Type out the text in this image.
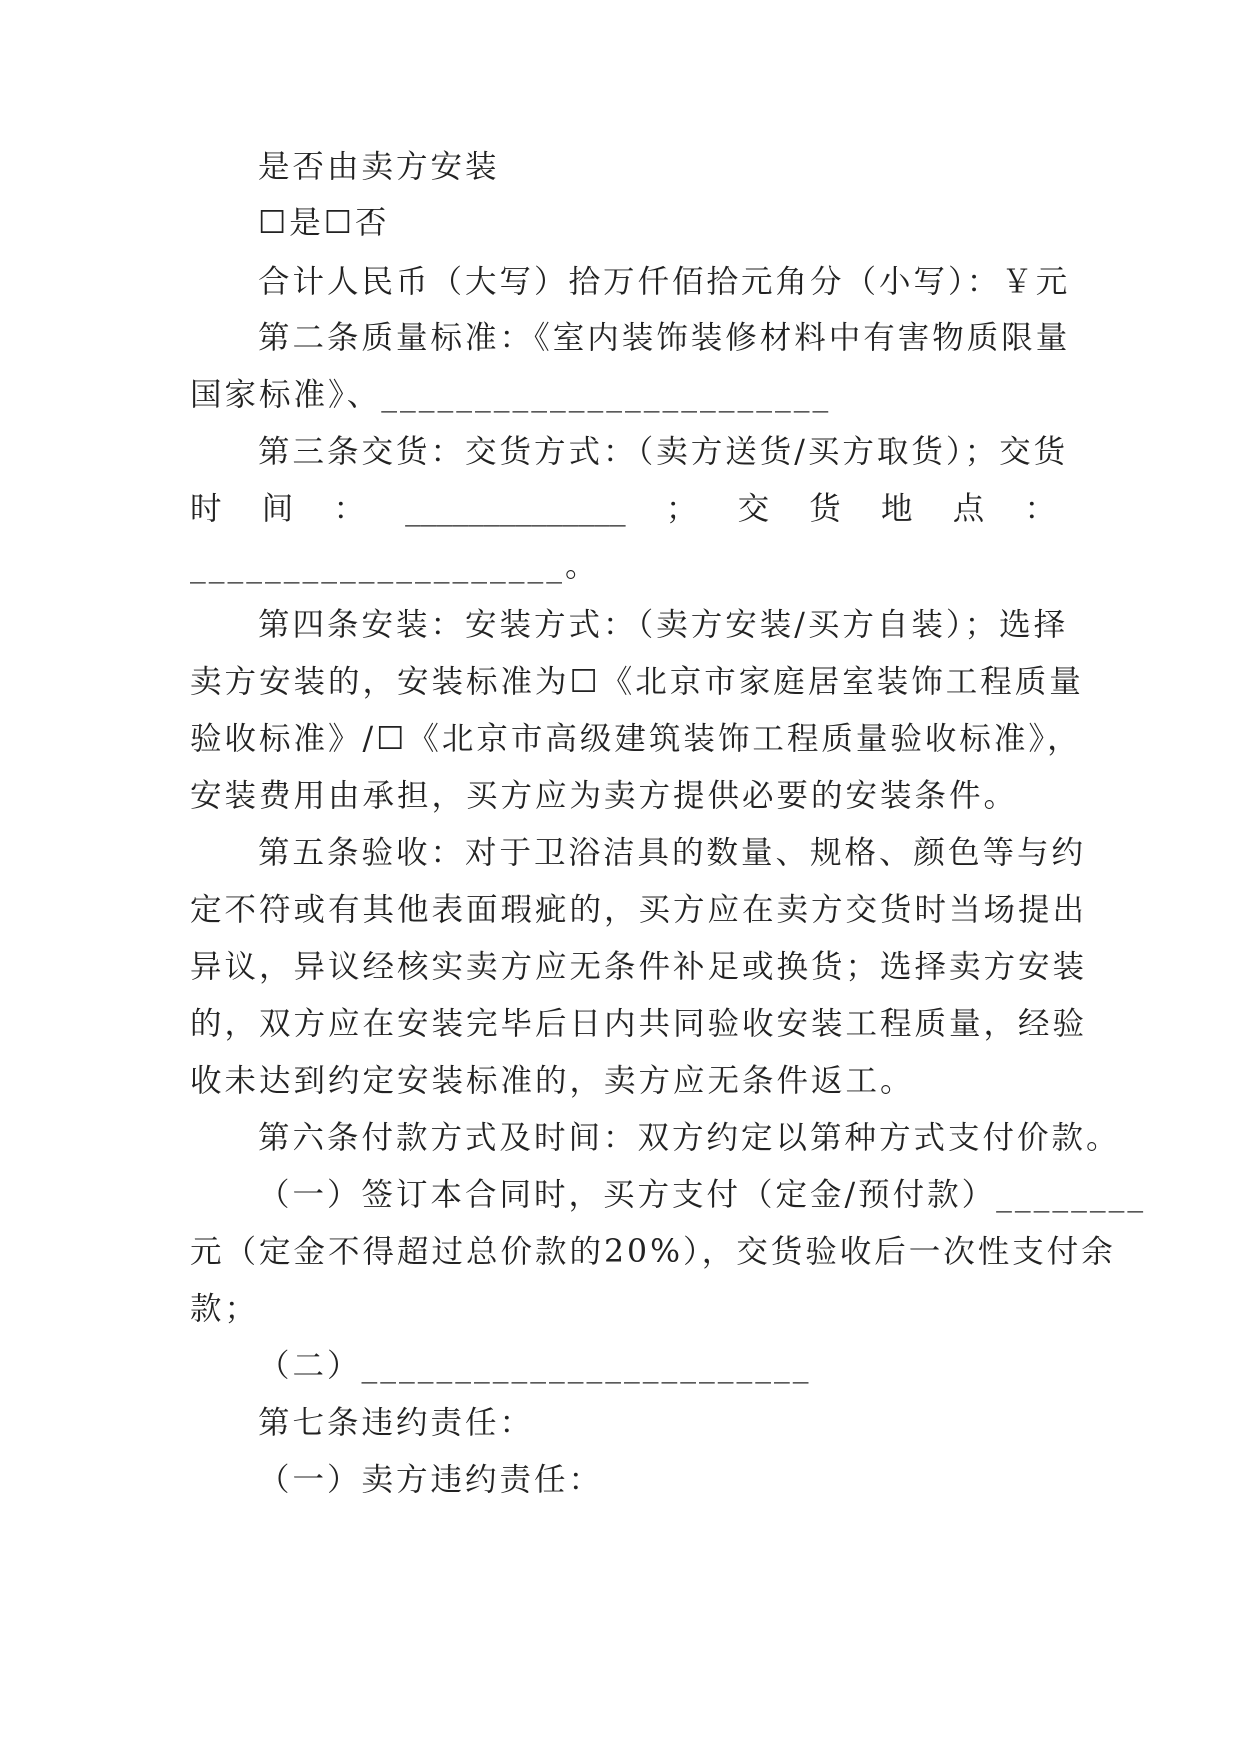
是否由卖方安装
☐是☐否
合计人民币（大写）拾万仟佰拾元角分（小写）：￥元
第二条质量标准：《室内装饰装修材料中有害物质限量
国家标准》、________________________
第三条交货：交货方式：（卖方送货/买方取货）；交货
时 间 ： ______________ ； 交 货 地 点 ：
____________________。
第四条安装：安装方式：（卖方安装/买方自装）；选择
卖方安装的，安装标准为☐《北京市家庭居室装饰工程质量
验收标准》/☐《北京市高级建筑装饰工程质量验收标准》，
安装费用由承担，买方应为卖方提供必要的安装条件。
第五条验收：对于卫浴洁具的数量、规格、颜色等与约
定不符或有其他表面瑕疵的，买方应在卖方交货时当场提出
异议，异议经核实卖方应无条件补足或换货；选择卖方安装
的，双方应在安装完毕后日内共同验收安装工程质量，经验
收未达到约定安装标准的，卖方应无条件返工。
第六条付款方式及时间：双方约定以第种方式支付价款。
（一）签订本合同时，买方支付（定金/预付款）________
元（定金不得超过总价款的20%），交货验收后一次性支付余
款；
（二）________________________
第七条违约责任：
（一）卖方违约责任：
